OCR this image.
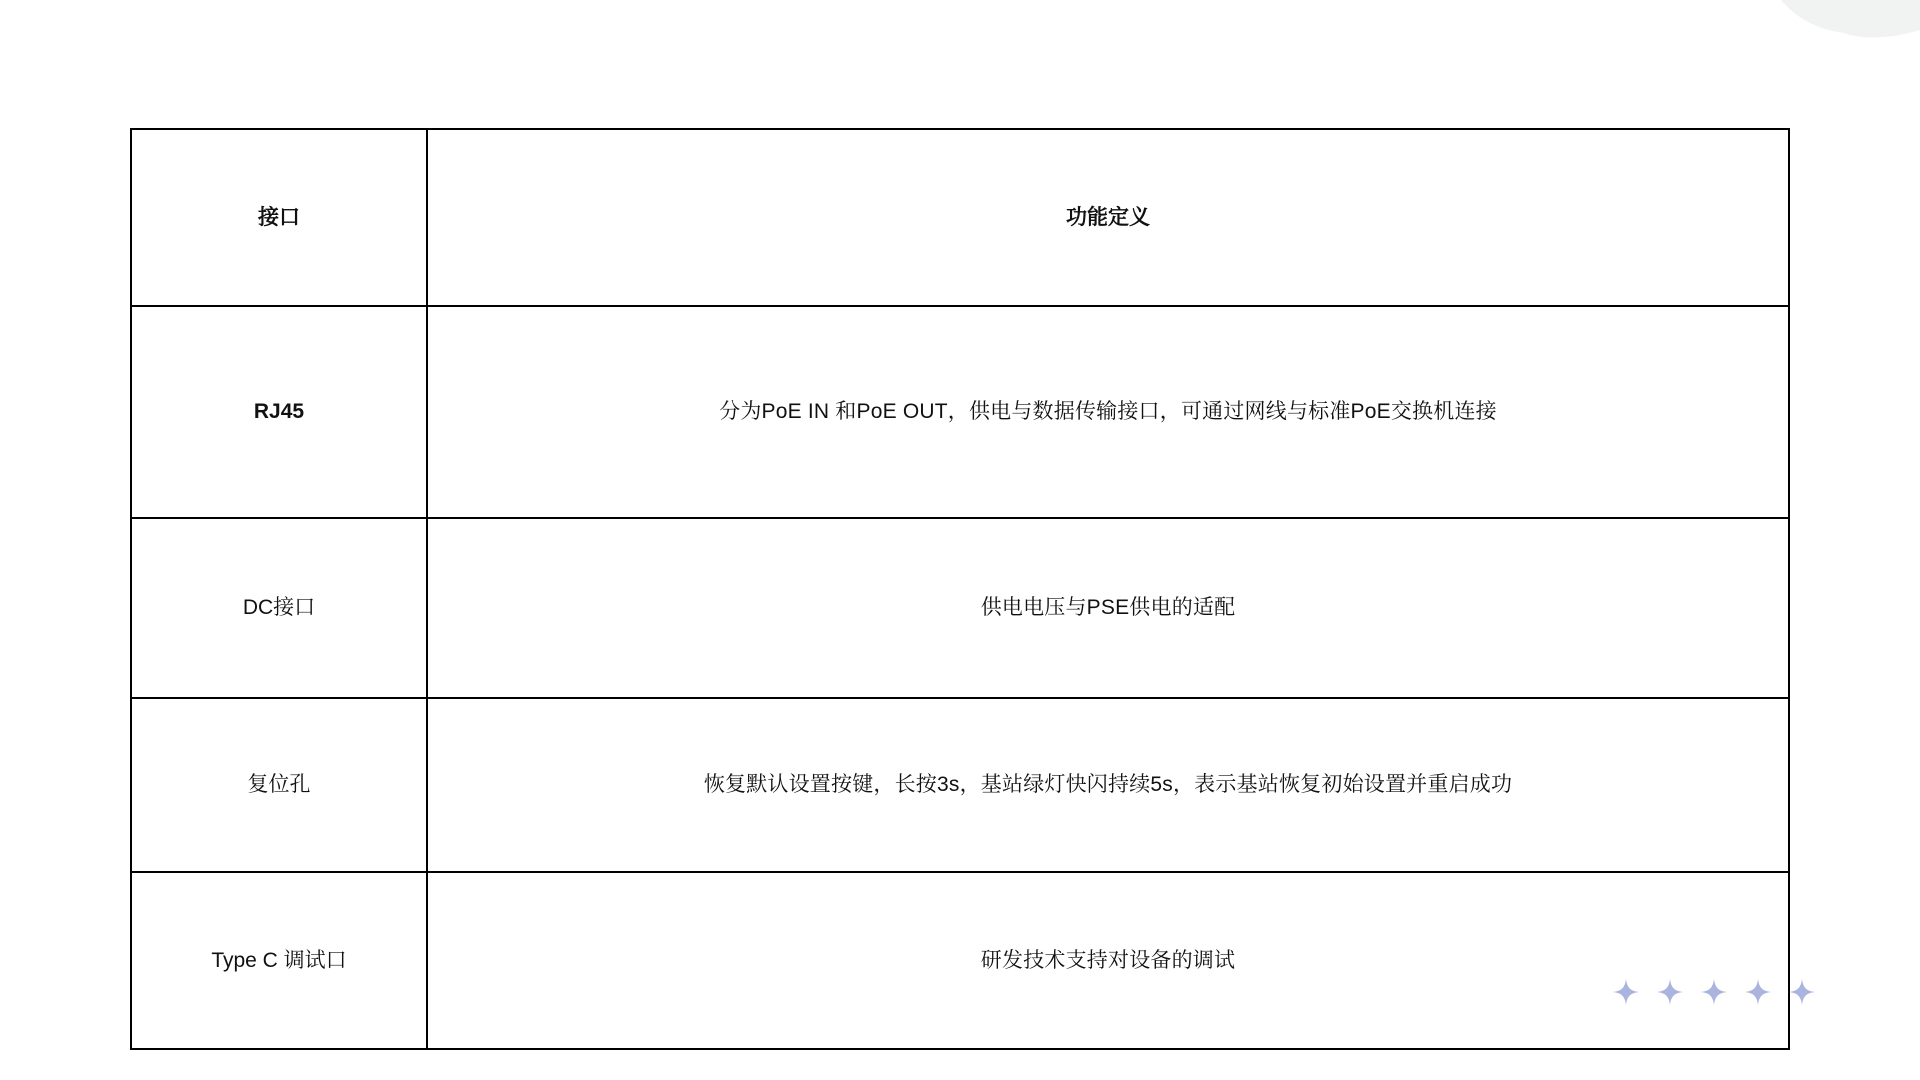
接口	功能定义
RJ45	分为PoE IN 和PoE OUT，供电与数据传输接口，可通过网线与标准PoE交换机连接
DC接口	供电电压与PSE供电的适配
复位孔	恢复默认设置按键，长按3s，基站绿灯快闪持续5s，表示基站恢复初始设置并重启成功
Type C 调试口	研发技术支持对设备的调试
